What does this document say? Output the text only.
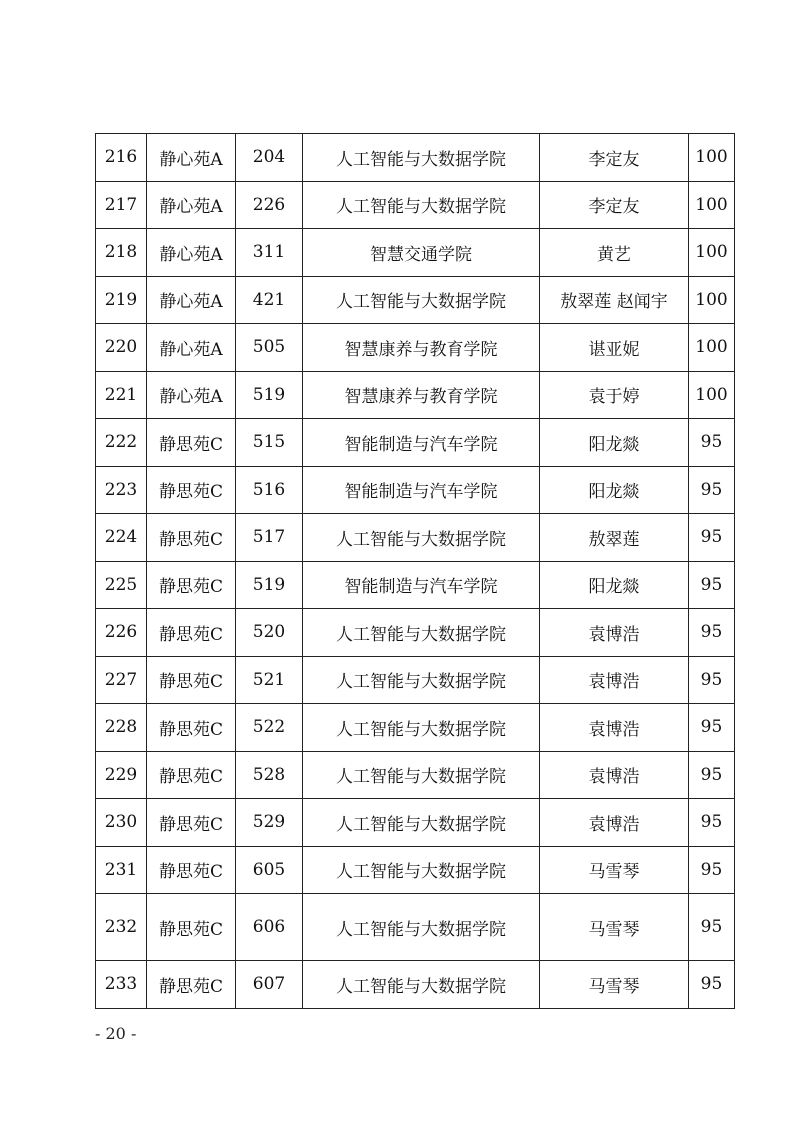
216	静心苑A	204	人工智能与大数据学院	李定友	100
217	静心苑A	226	人工智能与大数据学院	李定友	100
218	静心苑A	311	智慧交通学院	黄艺	100
219	静心苑A	421	人工智能与大数据学院	敖翠莲 赵闻宇	100
220	静心苑A	505	智慧康养与教育学院	谌亚妮	100
221	静心苑A	519	智慧康养与教育学院	袁于婷	100
222	静思苑C	515	智能制造与汽车学院	阳龙燚	95
223	静思苑C	516	智能制造与汽车学院	阳龙燚	95
224	静思苑C	517	人工智能与大数据学院	敖翠莲	95
225	静思苑C	519	智能制造与汽车学院	阳龙燚	95
226	静思苑C	520	人工智能与大数据学院	袁博浩	95
227	静思苑C	521	人工智能与大数据学院	袁博浩	95
228	静思苑C	522	人工智能与大数据学院	袁博浩	95
229	静思苑C	528	人工智能与大数据学院	袁博浩	95
230	静思苑C	529	人工智能与大数据学院	袁博浩	95
231	静思苑C	605	人工智能与大数据学院	马雪琴	95
232	静思苑C	606	人工智能与大数据学院	马雪琴	95
233	静思苑C	607	人工智能与大数据学院	马雪琴	95
- 20 -
